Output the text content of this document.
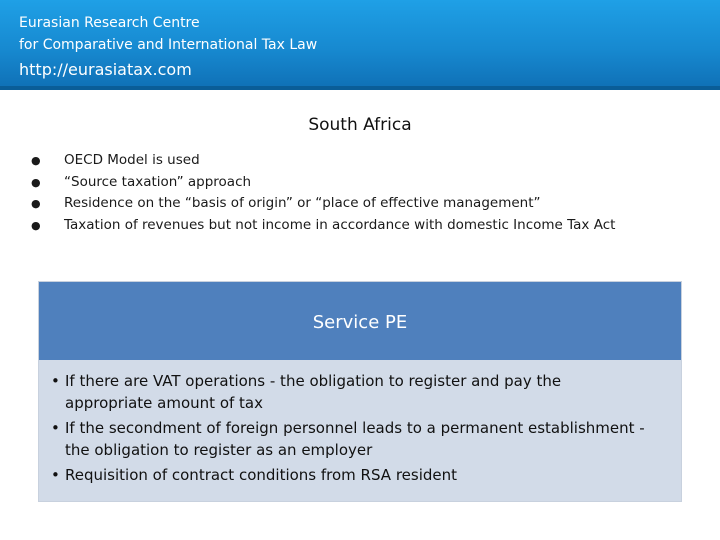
Eurasian Research Centre
for Comparative and International Tax Law
http://eurasiatax.com
South Africa
● OECD Model is used
● “Source taxation” approach
● Residence on the “basis of origin” or “place of effective management”
● Taxation of revenues but not income in accordance with domestic Income Tax Act
Service PE
• If there are VAT operations - the obligation to register and pay the appropriate amount of tax
• If the secondment of foreign personnel leads to a permanent establishment - the obligation to register as an employer
• Requisition of contract conditions from RSA resident
